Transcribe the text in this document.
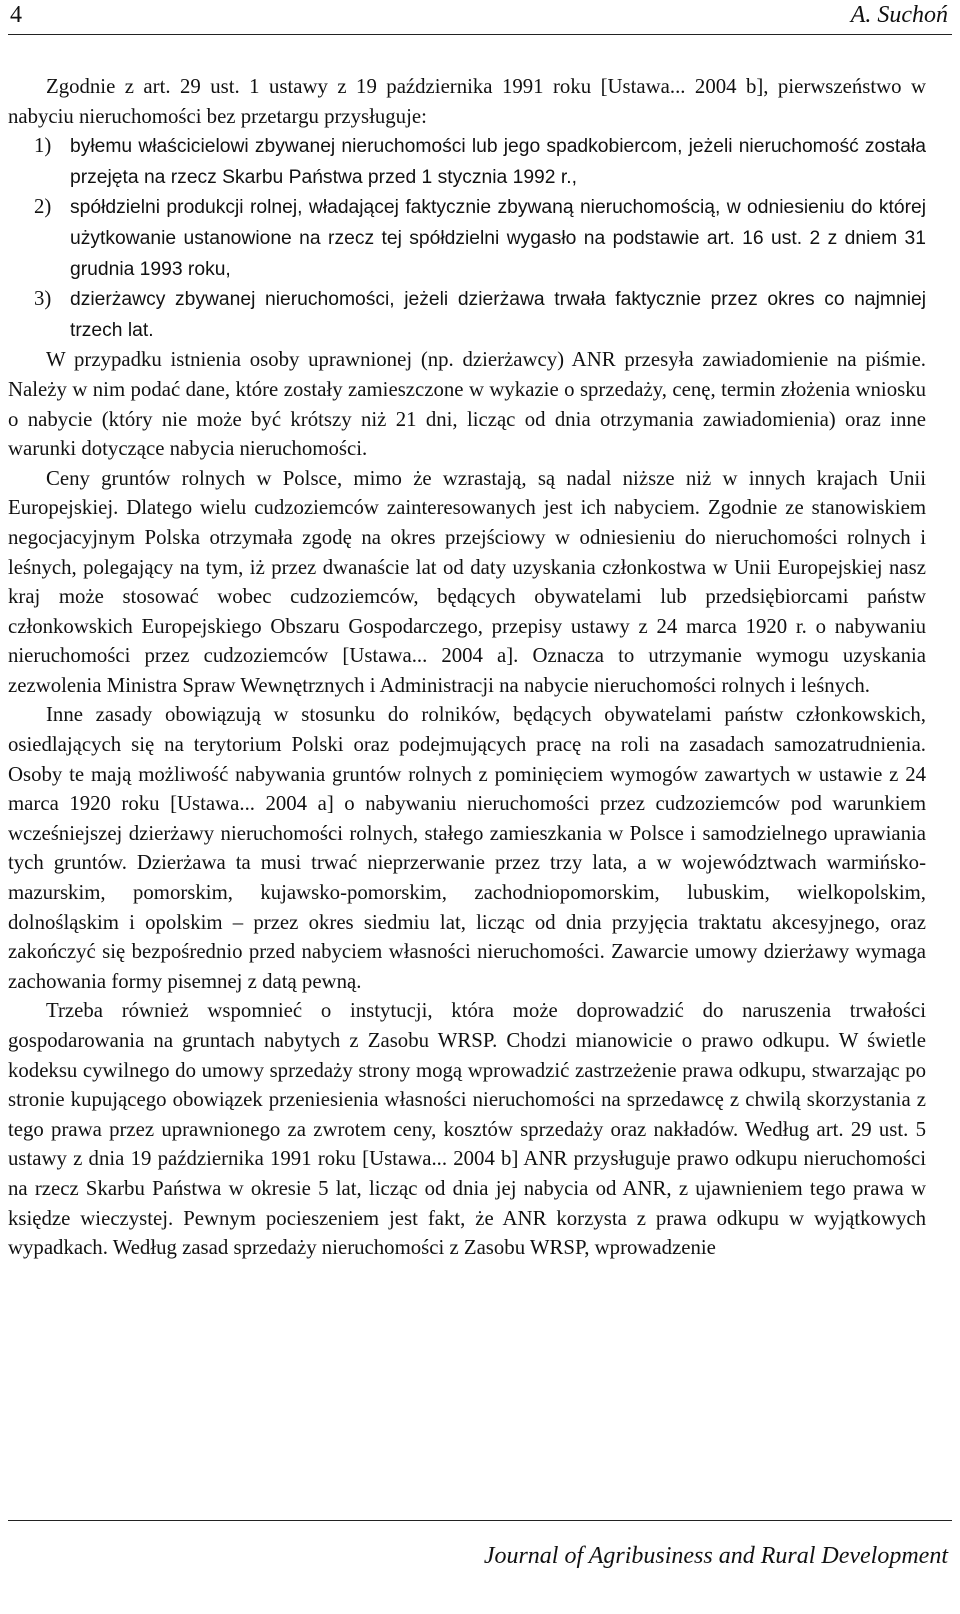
4	A. Suchoń

Zgodnie z art. 29 ust. 1 ustawy z 19 października 1991 roku [Ustawa... 2004 b], pierwszeństwo w nabyciu nieruchomości bez przetargu przysługuje:

1) byłemu właścicielowi zbywanej nieruchomości lub jego spadkobiercom, jeżeli nieruchomość została przejęta na rzecz Skarbu Państwa przed 1 stycznia 1992 r.,
2) spółdzielni produkcji rolnej, władającej faktycznie zbywaną nieruchomością, w odniesieniu do której użytkowanie ustanowione na rzecz tej spółdzielni wygasło na podstawie art. 16 ust. 2 z dniem 31 grudnia 1993 roku,
3) dzierżawcy zbywanej nieruchomości, jeżeli dzierżawa trwała faktycznie przez okres co najmniej trzech lat.

W przypadku istnienia osoby uprawnionej (np. dzierżawcy) ANR przesyła zawiadomienie na piśmie. Należy w nim podać dane, które zostały zamieszczone w wykazie o sprzedaży, cenę, termin złożenia wniosku o nabycie (który nie może być krótszy niż 21 dni, licząc od dnia otrzymania zawiadomienia) oraz inne warunki dotyczące nabycia nieruchomości.

Ceny gruntów rolnych w Polsce, mimo że wzrastają, są nadal niższe niż w innych krajach Unii Europejskiej. Dlatego wielu cudzoziemców zainteresowanych jest ich nabyciem. Zgodnie ze stanowiskiem negocjacyjnym Polska otrzymała zgodę na okres przejściowy w odniesieniu do nieruchomości rolnych i leśnych, polegający na tym, iż przez dwanaście lat od daty uzyskania członkostwa w Unii Europejskiej nasz kraj może stosować wobec cudzoziemców, będących obywatelami lub przedsiębiorcami państw członkowskich Europejskiego Obszaru Gospodarczego, przepisy ustawy z 24 marca 1920 r. o nabywaniu nieruchomości przez cudzoziemców [Ustawa... 2004 a]. Oznacza to utrzymanie wymogu uzyskania zezwolenia Ministra Spraw Wewnętrznych i Administracji na nabycie nieruchomości rolnych i leśnych.

Inne zasady obowiązują w stosunku do rolników, będących obywatelami państw członkowskich, osiedlających się na terytorium Polski oraz podejmujących pracę na roli na zasadach samozatrudnienia. Osoby te mają możliwość nabywania gruntów rolnych z pominięciem wymogów zawartych w ustawie z 24 marca 1920 roku [Ustawa... 2004 a] o nabywaniu nieruchomości przez cudzoziemców pod warunkiem wcześniejszej dzierżawy nieruchomości rolnych, stałego zamieszkania w Polsce i samodzielnego uprawiania tych gruntów. Dzierżawa ta musi trwać nieprzerwanie przez trzy lata, a w województwach warmińsko-mazurskim, pomorskim, kujawsko-pomorskim, zachodniopomorskim, lubuskim, wielkopolskim, dolnośląskim i opolskim – przez okres siedmiu lat, licząc od dnia przyjęcia traktatu akcesyjnego, oraz zakończyć się bezpośrednio przed nabyciem własności nieruchomości. Zawarcie umowy dzierżawy wymaga zachowania formy pisemnej z datą pewną.

Trzeba również wspomnieć o instytucji, która może doprowadzić do naruszenia trwałości gospodarowania na gruntach nabytych z Zasobu WRSP. Chodzi mianowicie o prawo odkupu. W świetle kodeksu cywilnego do umowy sprzedaży strony mogą wprowadzić zastrzeżenie prawa odkupu, stwarzając po stronie kupującego obowiązek przeniesienia własności nieruchomości na sprzedawcę z chwilą skorzystania z tego prawa przez uprawnionego za zwrotem ceny, kosztów sprzedaży oraz nakładów. Według art. 29 ust. 5 ustawy z dnia 19 października 1991 roku [Ustawa... 2004 b] ANR przysługuje prawo odkupu nieruchomości na rzecz Skarbu Państwa w okresie 5 lat, licząc od dnia jej nabycia od ANR, z ujawnieniem tego prawa w księdze wieczystej. Pewnym pocieszeniem jest fakt, że ANR korzysta z prawa odkupu w wyjątkowych wypadkach. Według zasad sprzedaży nieruchomości z Zasobu WRSP, wprowadzenie

Journal of Agribusiness and Rural Development
